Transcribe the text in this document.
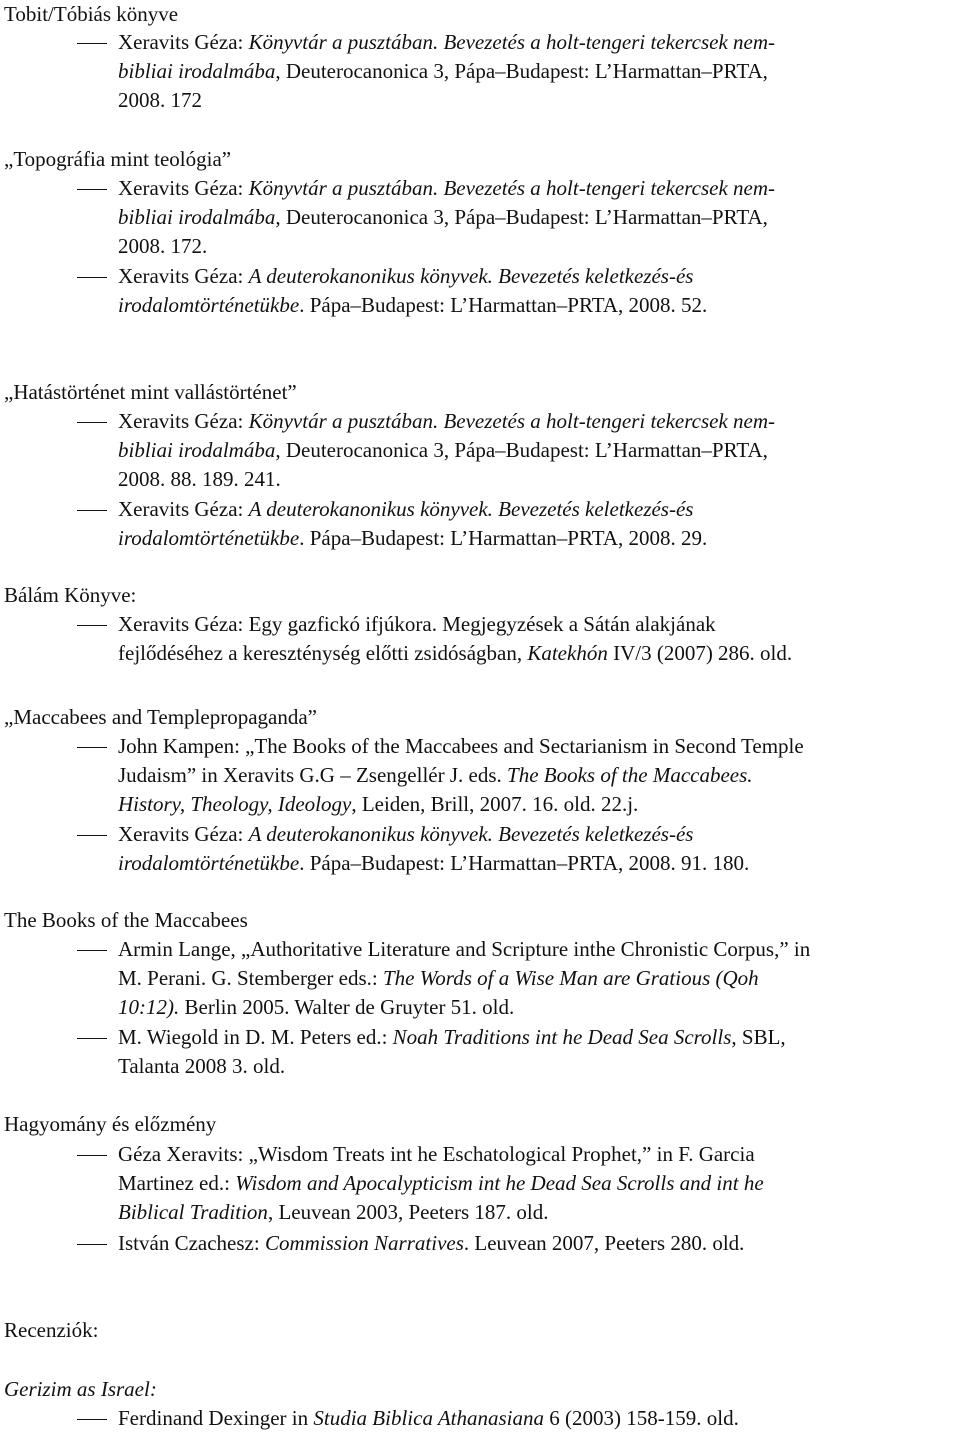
Tobit/Tóbiás könyve
Xeravits Géza: Könyvtár a pusztában. Bevezetés a holt-tengeri tekercsek nem-
bibliai irodalmába, Deuterocanonica 3, Pápa–Budapest: L’Harmattan–PRTA,
2008. 172
„Topográfia mint teológia”
Xeravits Géza: Könyvtár a pusztában. Bevezetés a holt-tengeri tekercsek nem-
bibliai irodalmába, Deuterocanonica 3, Pápa–Budapest: L’Harmattan–PRTA,
2008. 172.
Xeravits Géza: A deuterokanonikus könyvek. Bevezetés keletkezés-és
irodalomtörténetükbe. Pápa–Budapest: L’Harmattan–PRTA, 2008. 52.
„Hatástörténet mint vallástörténet”
Xeravits Géza: Könyvtár a pusztában. Bevezetés a holt-tengeri tekercsek nem-
bibliai irodalmába, Deuterocanonica 3, Pápa–Budapest: L’Harmattan–PRTA,
2008. 88. 189. 241.
Xeravits Géza: A deuterokanonikus könyvek. Bevezetés keletkezés-és
irodalomtörténetükbe. Pápa–Budapest: L’Harmattan–PRTA, 2008. 29.
Bálám Könyve:
Xeravits Géza: Egy gazfickó ifjúkora. Megjegyzések a Sátán alakjának
fejlődéséhez a kereszténység előtti zsidóságban, Katekhón IV/3 (2007) 286. old.
„Maccabees and Templepropaganda”
John Kampen: „The Books of the Maccabees and Sectarianism in Second Temple
Judaism” in Xeravits G.G – Zsengellér J. eds. The Books of the Maccabees.
History, Theology, Ideology, Leiden, Brill, 2007. 16. old. 22.j.
Xeravits Géza: A deuterokanonikus könyvek. Bevezetés keletkezés-és
irodalomtörténetükbe. Pápa–Budapest: L’Harmattan–PRTA, 2008. 91. 180.
The Books of the Maccabees
Armin Lange, „Authoritative Literature and Scripture inthe Chronistic Corpus,” in
M. Perani. G. Stemberger eds.: The Words of a Wise Man are Gratious (Qoh
10:12). Berlin 2005. Walter de Gruyter 51. old.
M. Wiegold in D. M. Peters ed.: Noah Traditions int he Dead Sea Scrolls, SBL,
Talanta 2008 3. old.
Hagyomány és előzmény
Géza Xeravits: „Wisdom Treats int he Eschatological Prophet,” in F. Garcia
Martinez ed.: Wisdom and Apocalypticism int he Dead Sea Scrolls and int he
Biblical Tradition, Leuvean 2003, Peeters 187. old.
István Czachesz: Commission Narratives. Leuvean 2007, Peeters 280. old.
Recenziók:
Gerizim as Israel:
Ferdinand Dexinger in Studia Biblica Athanasiana 6 (2003) 158-159. old.
